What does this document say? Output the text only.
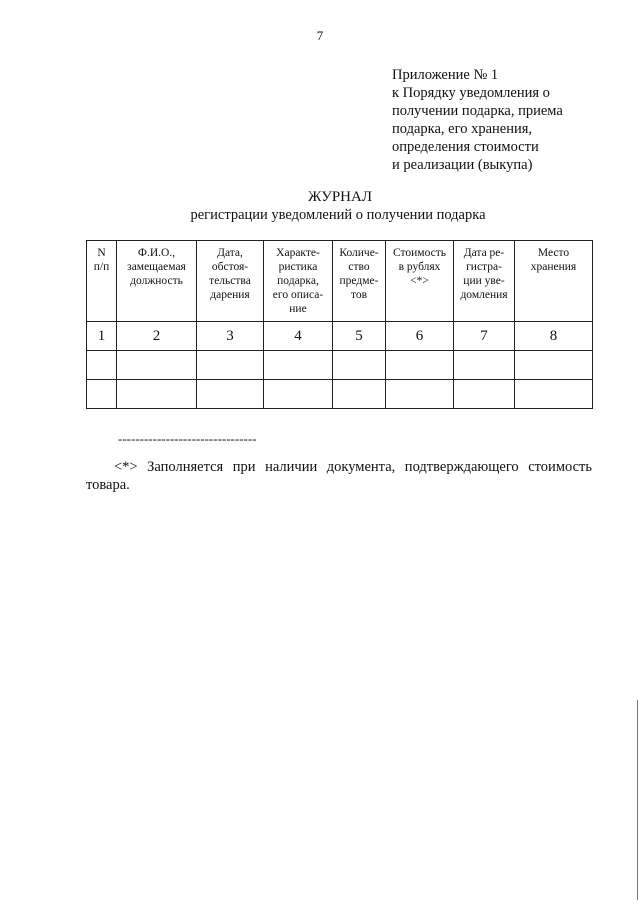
7
Приложение № 1
к Порядку уведомления о
получении подарка, приема
подарка, его хранения,
определения стоимости
и реализации (выкупа)
ЖУРНАЛ
регистрации уведомлений о получении подарка
N
п/п	Ф.И.О.,
замещаемая
должность	Дата,
обстоя-
тельства
дарения	Характе-
ристика
подарка,
его описа-
ние	Количе-
ство
предме-
тов	Стоимость
в рублях
<*>	Дата ре-
гистра-
ции уве-
домления	Место
хранения

1	2	3	4	5	6	7	8

--------------------------------
<*> Заполняется при наличии документа, подтверждающего стоимость товара.
